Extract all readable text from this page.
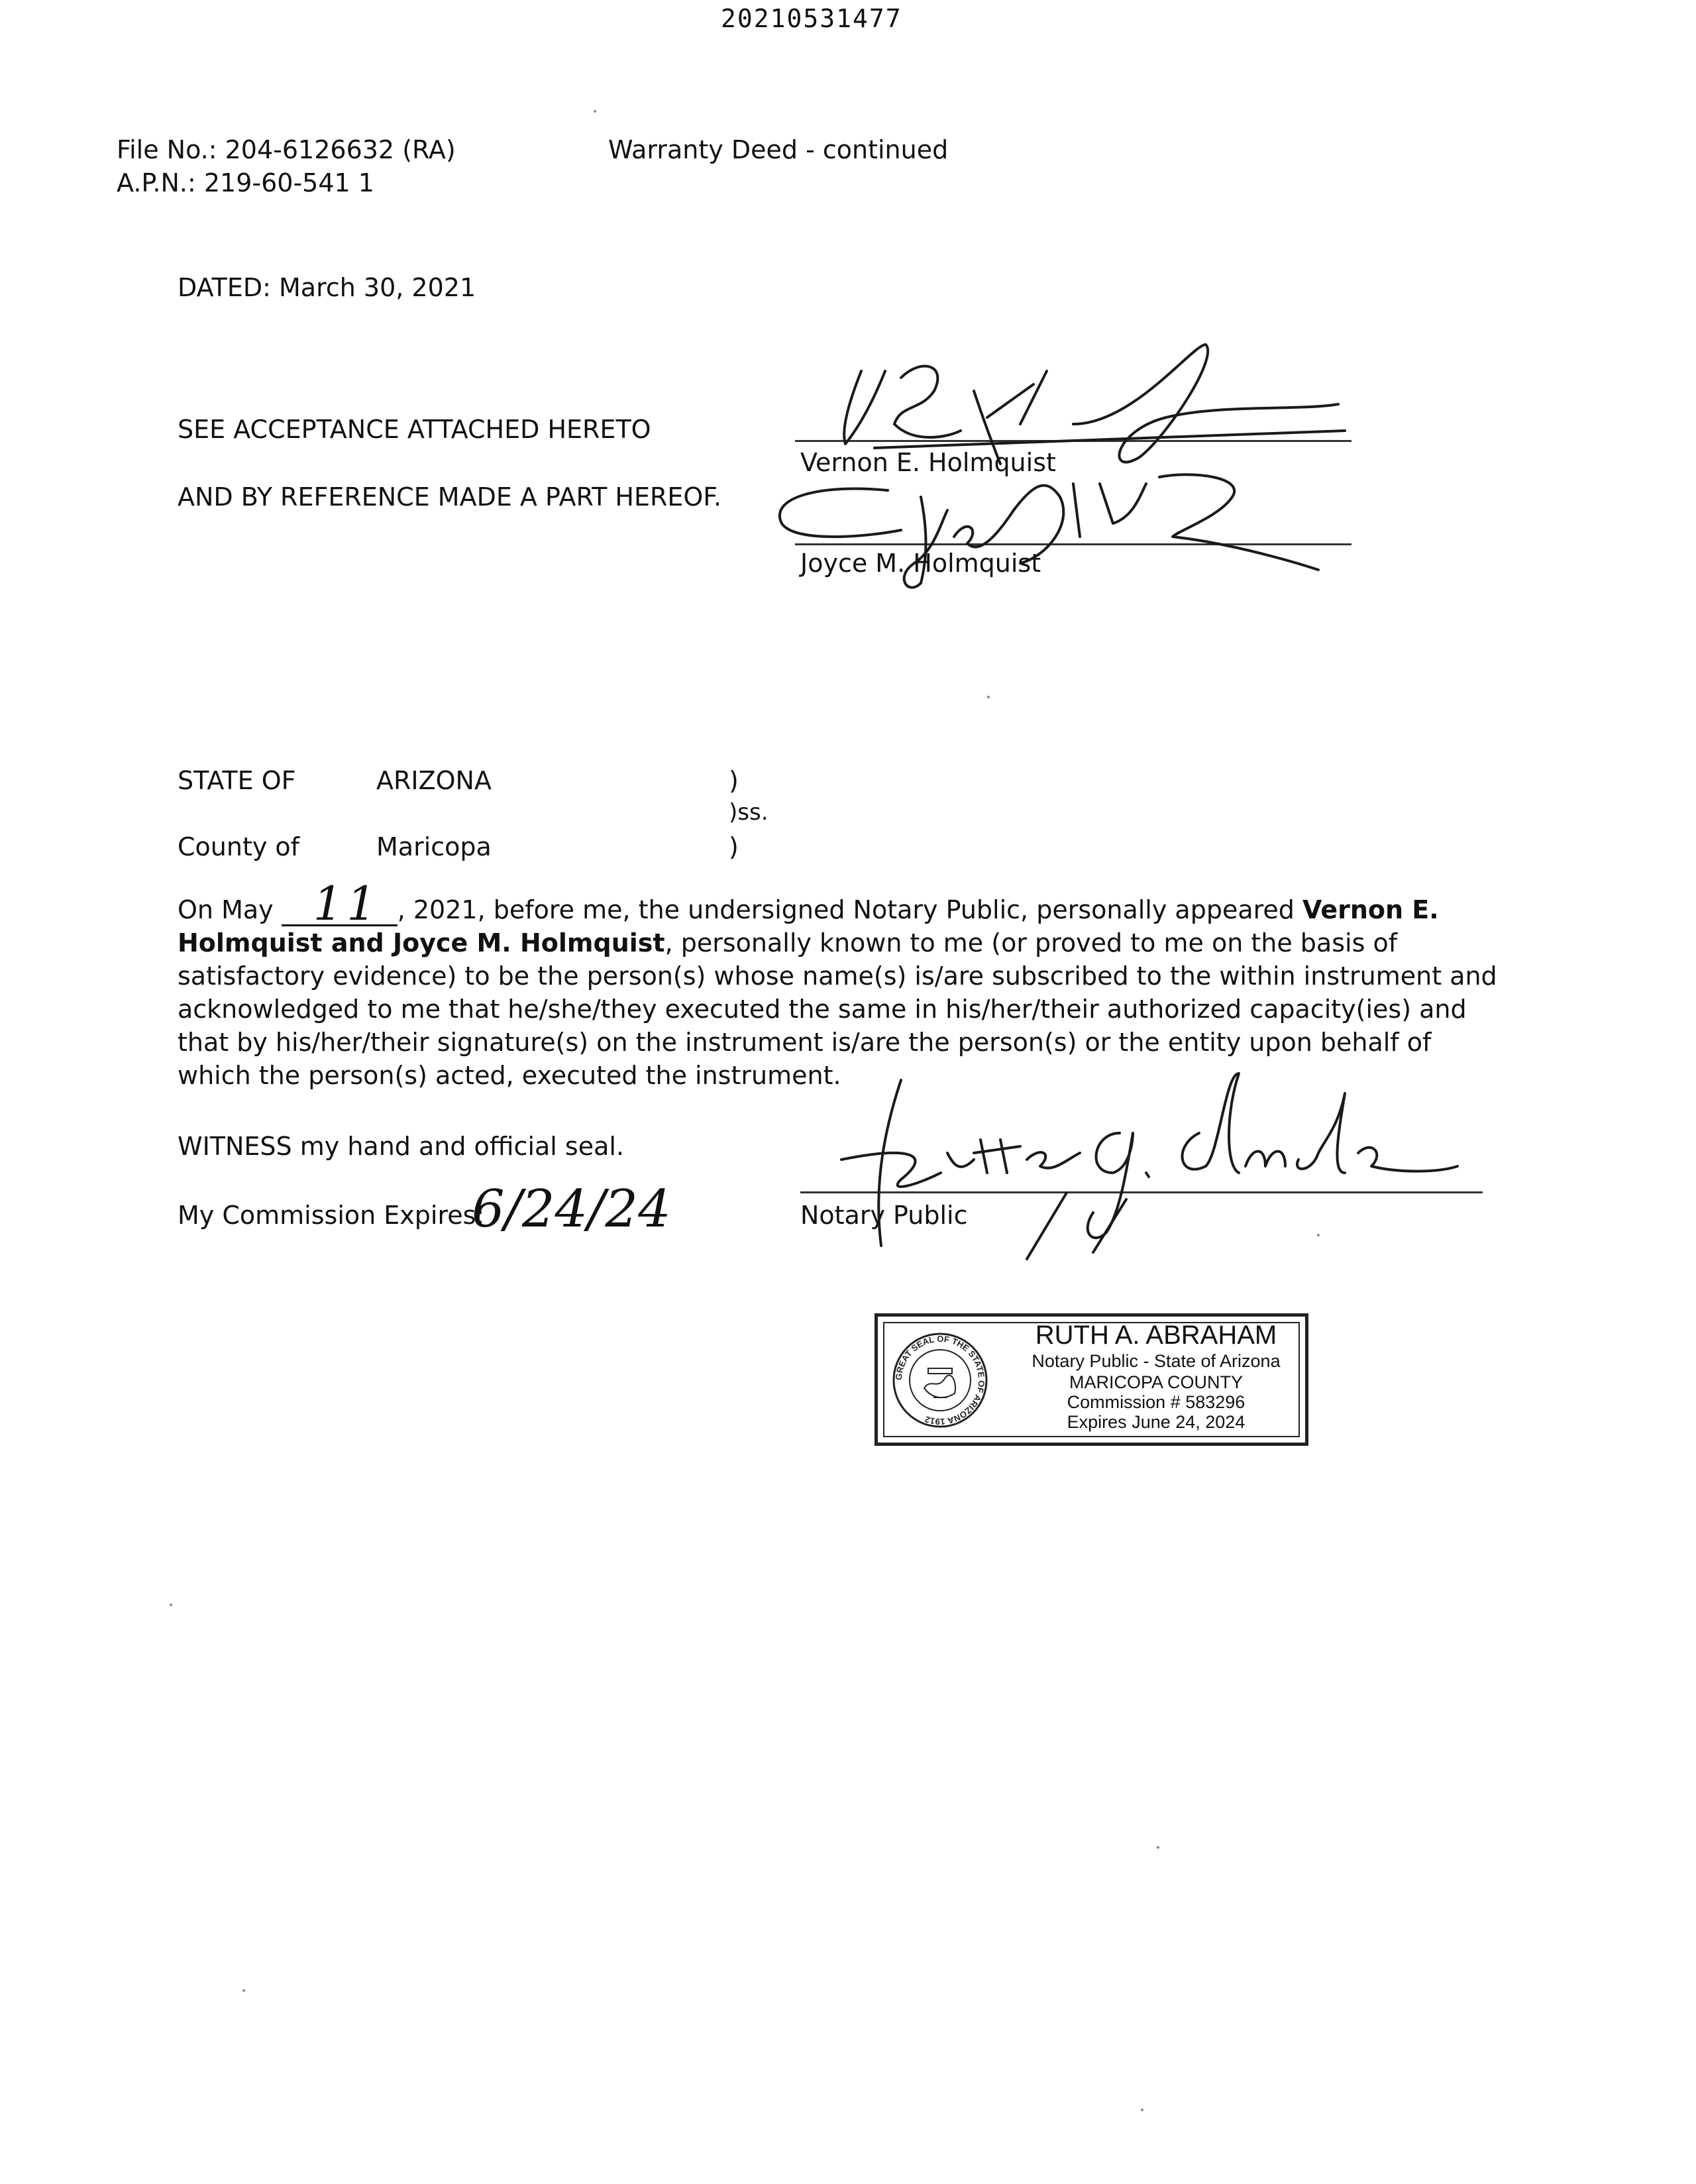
20210531477
File No.: 204-6126632 (RA)
A.P.N.: 219-60-541 1
Warranty Deed - continued
DATED: March 30, 2021
SEE ACCEPTANCE ATTACHED HERETO
AND BY REFERENCE MADE A PART HEREOF.
Vernon E. Holmquist
Joyce M. Holmquist
STATE OF	ARIZONA	)
)ss.
County of	Maricopa	)
On May 11 , 2021, before me, the undersigned Notary Public, personally appeared Vernon E. Holmquist and Joyce M. Holmquist, personally known to me (or proved to me on the basis of satisfactory evidence) to be the person(s) whose name(s) is/are subscribed to the within instrument and acknowledged to me that he/she/they executed the same in his/her/their authorized capacity(ies) and that by his/her/their signature(s) on the instrument is/are the person(s) or the entity upon behalf of which the person(s) acted, executed the instrument.
WITNESS my hand and official seal.
My Commission Expires:
6/24/24	Notary Public
GREAT SEAL OF THE STATE OF ARIZONA 1912
RUTH A. ABRAHAM
Notary Public - State of Arizona
MARICOPA COUNTY
Commission # 583296
Expires June 24, 2024
